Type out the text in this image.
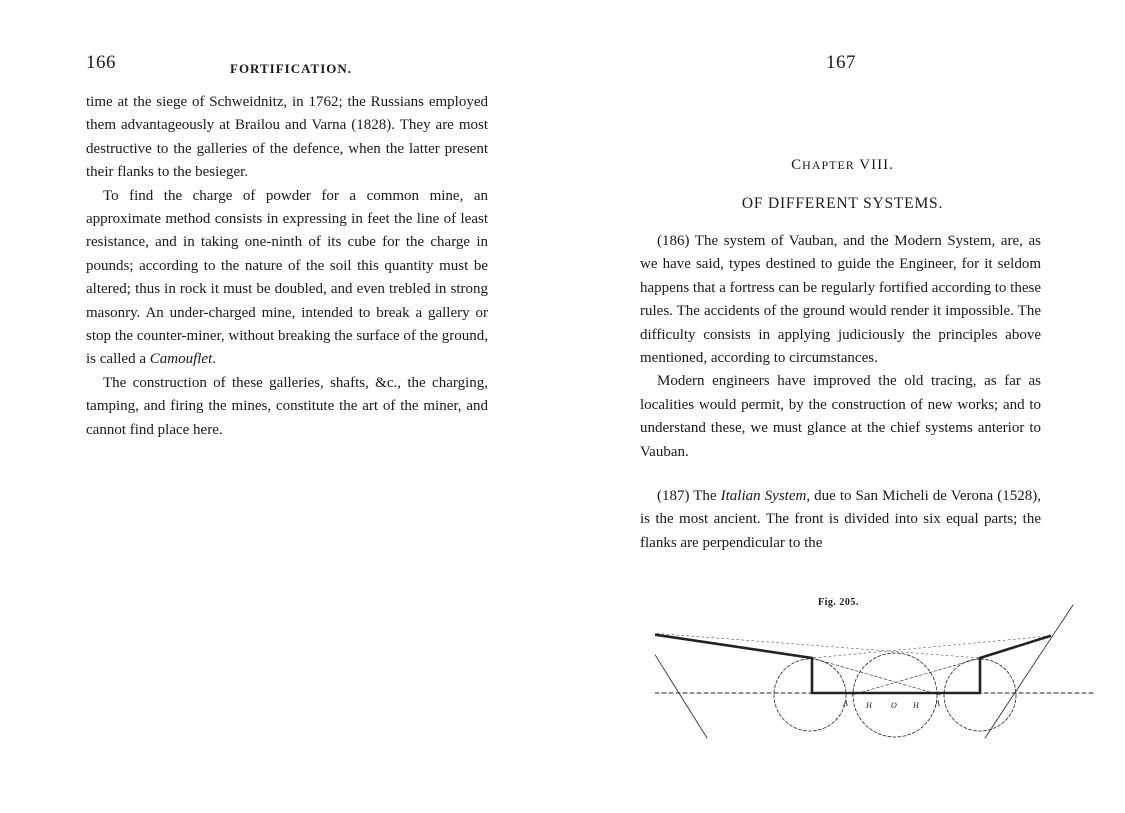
166	FORTIFICATION.

time at the siege of Schweidnitz, in 1762; the Russians employed them advantageously at Brailou and Varna (1828). They are most destructive to the galleries of the defence, when the latter present their flanks to the besieger.

To find the charge of powder for a common mine, an approximate method consists in expressing in feet the line of least resistance, and in taking one-ninth of its cube for the charge in pounds; according to the nature of the soil this quantity must be altered; thus in rock it must be doubled, and even trebled in strong masonry. An under-charged mine, intended to break a gallery or stop the counter-miner, without breaking the surface of the ground, is called a Camouflet.

The construction of these galleries, shafts, &c., the charging, tamping, and firing the mines, constitute the art of the miner, and cannot find place here.

167
CHAPTER VIII.
OF DIFFERENT SYSTEMS.

(186) The system of Vauban, and the Modern System, are, as we have said, types destined to guide the Engineer, for it seldom happens that a fortress can be regularly fortified according to these rules. The accidents of the ground would render it impossible. The difficulty consists in applying judiciously the principles above mentioned, according to circumstances.

Modern engineers have improved the old tracing, as far as localities would permit, by the construction of new works; and to understand these, we must glance at the chief systems anterior to Vauban.

(187) The Italian System, due to San Micheli de Verona (1528), is the most ancient. The front is divided into six equal parts; the flanks are perpendicular to the

Fig. 205.
A H O H A
